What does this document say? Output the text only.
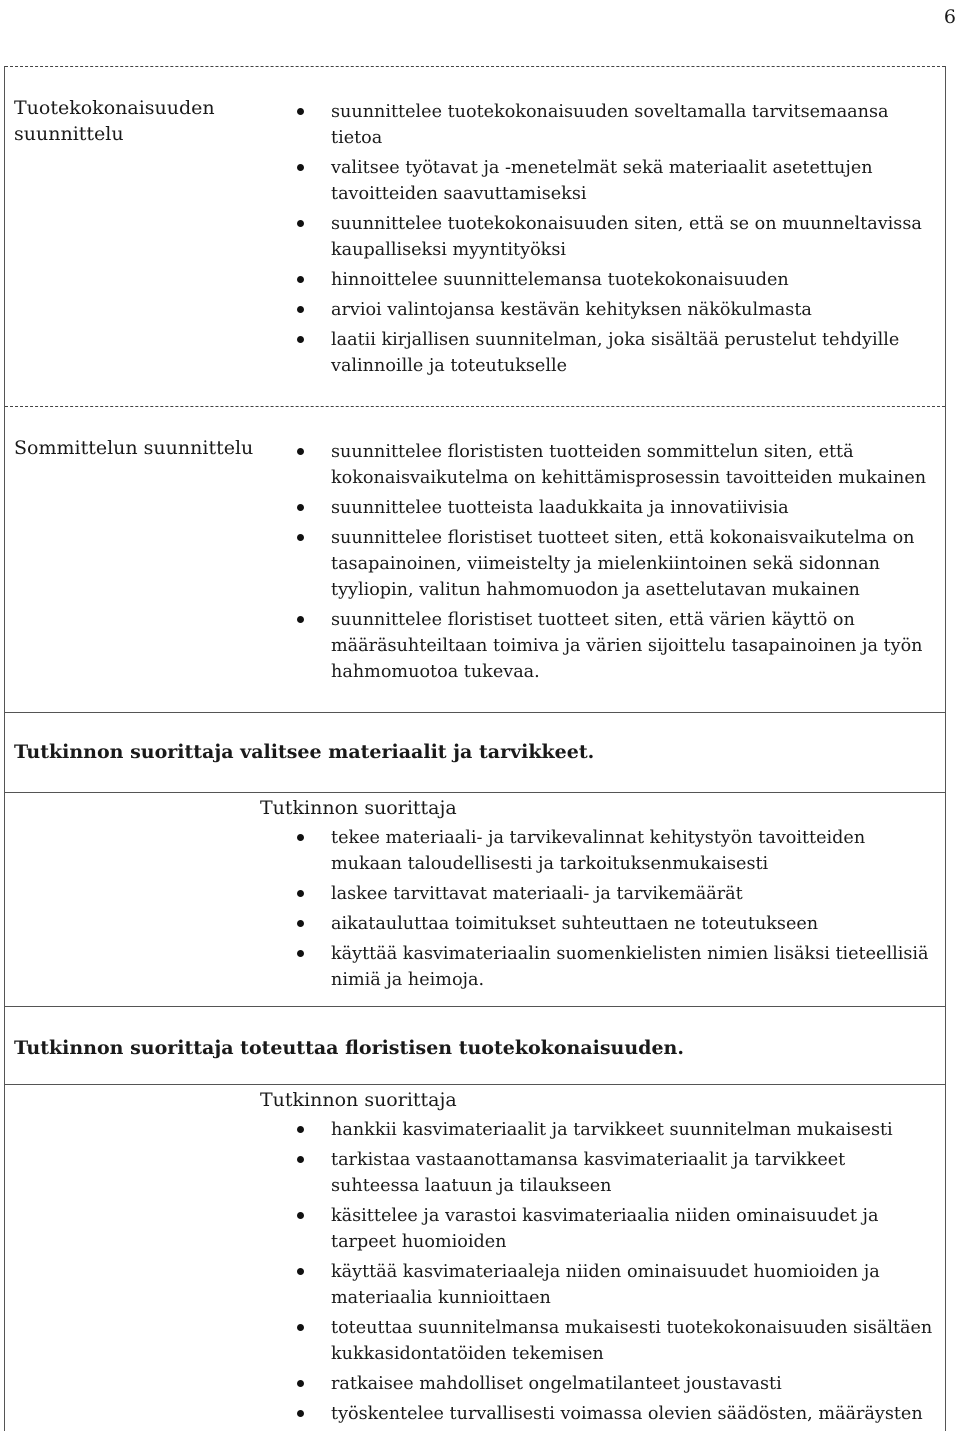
6
Tuotekokonaisuuden suunnittelu
suunnittelee tuotekokonaisuuden soveltamalla tarvitsemaansa tietoa
valitsee työtavat ja -menetelmät sekä materiaalit asetettujen tavoitteiden saavuttamiseksi
suunnittelee tuotekokonaisuuden siten, että se on muunneltavissa kaupalliseksi myyntityöksi
hinnoittelee suunnittelemansa tuotekokonaisuuden
arvioi valintojansa kestävän kehityksen näkökulmasta
laatii kirjallisen suunnitelman, joka sisältää perustelut tehdyille valinnoille ja toteutukselle
Sommittelun suunnittelu	suunnittelee florististen tuotteiden sommittelun siten, että kokonaisvaikutelma on kehittämisprosessin tavoitteiden mukainen
suunnittelee tuotteista laadukkaita ja innovatiivisia
suunnittelee floristiset tuotteet siten, että kokonaisvaikutelma on tasapainoinen, viimeistelty ja mielenkiintoinen sekä sidonnan tyyliopin, valitun hahmomuodon ja asettelutavan mukainen
suunnittelee floristiset tuotteet siten, että värien käyttö on määräsuhteiltaan toimiva ja värien sijoittelu tasapainoinen ja työn hahmomuotoa tukevaa.
Tutkinnon suorittaja valitsee materiaalit ja tarvikkeet.
Tutkinnon suorittaja
tekee materiaali- ja tarvikevalinnat kehitystyön tavoitteiden mukaan taloudellisesti ja tarkoituksenmukaisesti
laskee tarvittavat materiaali- ja tarvikemäärät
aikatauluttaa toimitukset suhteuttaen ne toteutukseen
käyttää kasvimateriaalin suomenkielisten nimien lisäksi tieteellisiä nimiä ja heimoja.
Tutkinnon suorittaja toteuttaa floristisen tuotekokonaisuuden.
Tutkinnon suorittaja
hankkii kasvimateriaalit ja tarvikkeet suunnitelman mukaisesti
tarkistaa vastaanottamansa kasvimateriaalit ja tarvikkeet suhteessa laatuun ja tilaukseen
käsittelee ja varastoi kasvimateriaalia niiden ominaisuudet ja tarpeet huomioiden
käyttää kasvimateriaaleja niiden ominaisuudet huomioiden ja materiaalia kunnioittaen
toteuttaa suunnitelmansa mukaisesti tuotekokonaisuuden sisältäen kukkasidontatöiden tekemisen
ratkaisee mahdolliset ongelmatilanteet joustavasti
työskentelee turvallisesti voimassa olevien säädösten, määräysten
